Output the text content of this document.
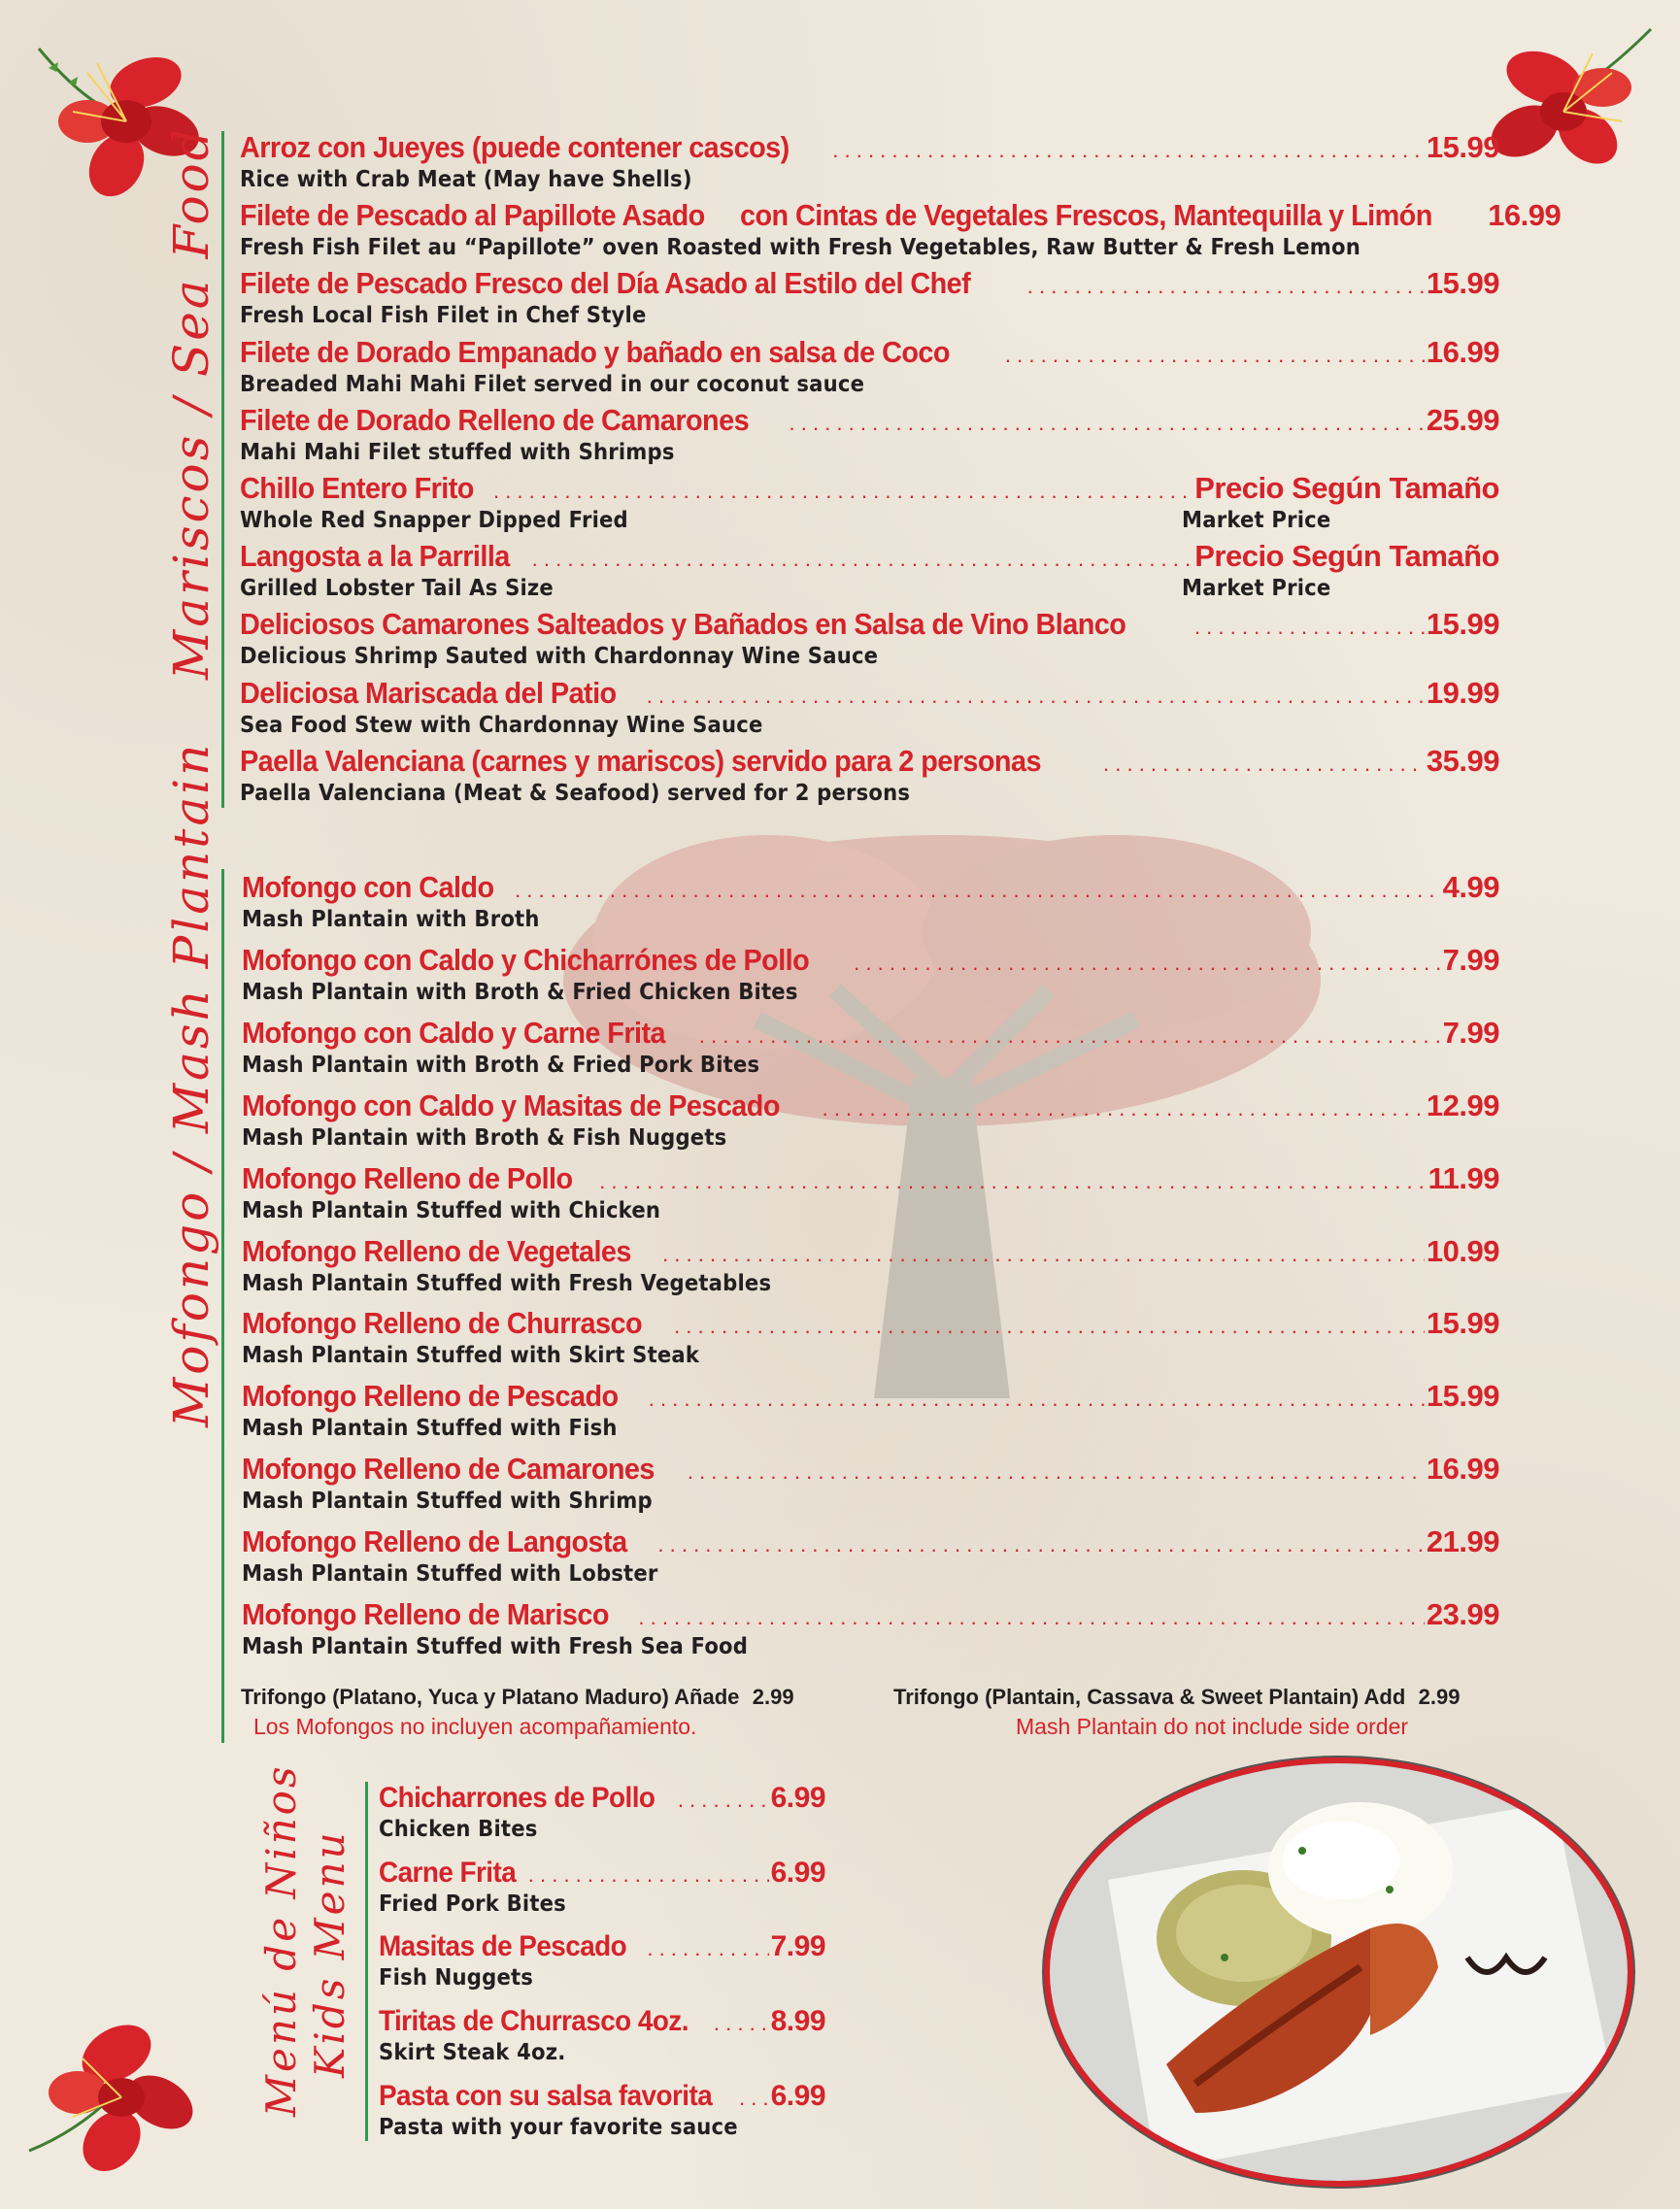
Mariscos / Sea Food Arroz con Jueyes (puede contener cascos) . . .	15.99
Rice with Crab Meat (May have Shells)
Filete de Pescado al Papillote Asado con Cintas de Vegetales Frescos, Mantequilla y Limón 16.99
Fresh Fish Filet au “Papillote” oven Roasted with Fresh Vegetables, Raw Butter & Fresh Lemon
Filete de Pescado Fresco del Día Asado al Estilo del Chef . . .	15.99
Fresh Local Fish Filet in Chef Style
Filete de Dorado Empanado y bañado en salsa de Coco . . .	16.99
Breaded Mahi Mahi Filet served in our coconut sauce
Filete de Dorado Relleno de Camarones . . .	25.99
Mahi Mahi Filet stuffed with Shrimps
Chillo Entero Frito . . .	Precio Según Tamaño
Whole Red Snapper Dipped Fried	Market Price
Langosta a la Parrilla . . .	Precio Según Tamaño
Grilled Lobster Tail As Size	Market Price
Deliciosos Camarones Salteados y Bañados en Salsa de Vino Blanco . . .	15.99
Delicious Shrimp Sauted with Chardonnay Wine Sauce
Deliciosa Mariscada del Patio . . .	19.99
Sea Food Stew with Chardonnay Wine Sauce
Paella Valenciana (carnes y mariscos) servido para 2 personas . . .	35.99
Paella Valenciana (Meat & Seafood) served for 2 persons
Mofongo / Mash Plantain Mofongo con Caldo . . .	4.99
Mash Plantain with Broth
Mofongo con Caldo y Chicharrónes de Pollo . . .	7.99
Mash Plantain with Broth & Fried Chicken Bites
Mofongo con Caldo y Carne Frita . . .	7.99
Mash Plantain with Broth & Fried Pork Bites
Mofongo con Caldo y Masitas de Pescado . . .	12.99
Mash Plantain with Broth & Fish Nuggets
Mofongo Relleno de Pollo . . .	11.99
Mash Plantain Stuffed with Chicken
Mofongo Relleno de Vegetales . . .	10.99
Mash Plantain Stuffed with Fresh Vegetables
Mofongo Relleno de Churrasco . . .	15.99
Mash Plantain Stuffed with Skirt Steak
Mofongo Relleno de Pescado . . .	15.99
Mash Plantain Stuffed with Fish
Mofongo Relleno de Camarones . . .	16.99
Mash Plantain Stuffed with Shrimp
Mofongo Relleno de Langosta . . .	21.99
Mash Plantain Stuffed with Lobster
Mofongo Relleno de Marisco . . .	23.99
Mash Plantain Stuffed with Fresh Sea Food
Trifongo (Platano, Yuca y Platano Maduro) Añade 2.99
Los Mofongos no incluyen acompañamiento.
Trifongo (Plantain, Cassava & Sweet Plantain) Add 2.99
Mash Plantain do not include side order
Menú de Niños Kids Menu
Chicharrones de Pollo . . .	6.99
Chicken Bites
Carne Frita . . .	6.99
Fried Pork Bites
Masitas de Pescado . . .	7.99
Fish Nuggets
Tiritas de Churrasco 4oz. . . .	8.99
Skirt Steak 4oz.
Pasta con su salsa favorita . . . 6.99
Pasta with your favorite sauce
